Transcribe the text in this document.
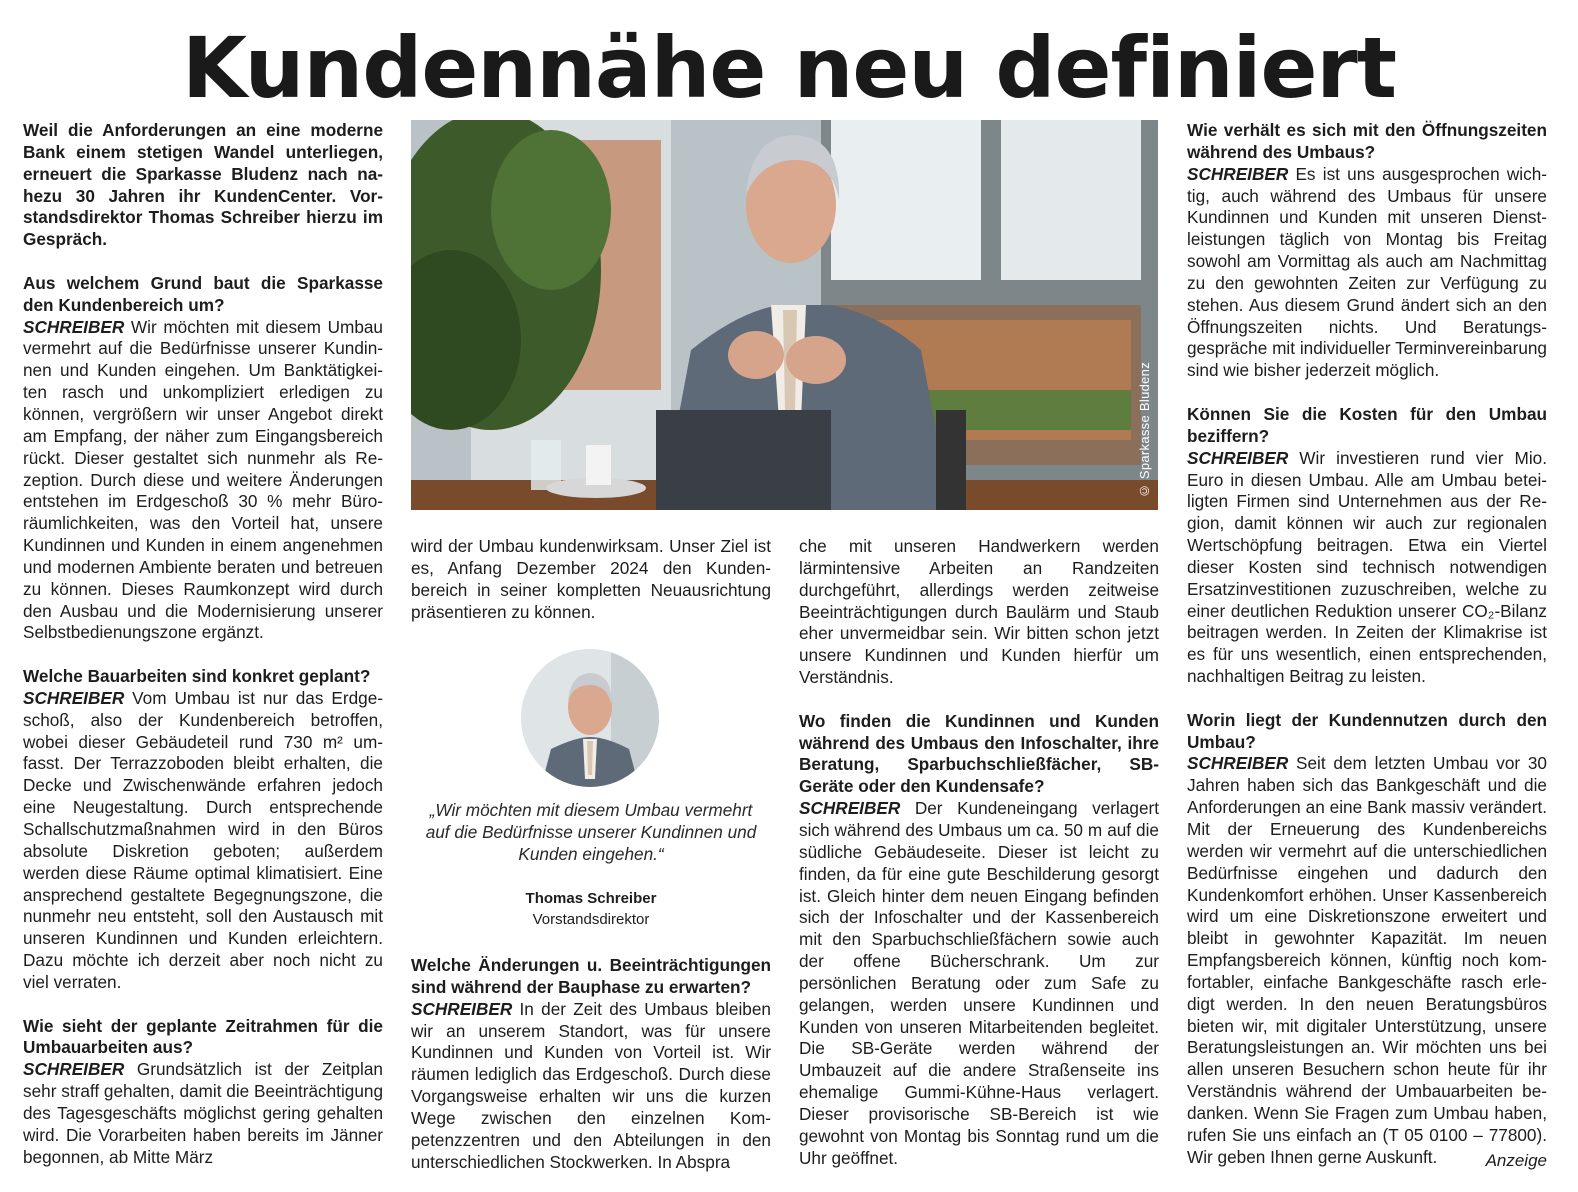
Kundennähe neu definiert

Weil die Anforderungen an eine moderne Bank einem stetigen Wandel unterliegen, erneuert die Sparkasse Bludenz nach nahezu 30 Jahren ihr KundenCenter. Vorstandsdirektor Thomas Schreiber hierzu im Gespräch.

Aus welchem Grund baut die Sparkasse den Kundenbereich um?

SCHREIBER Wir möchten mit diesem Umbau vermehrt auf die Bedürfnisse unserer Kundinnen und Kunden eingehen. Um Banktätigkeiten rasch und unkompliziert erledigen zu können, vergrößern wir unser Angebot direkt am Empfang, der näher zum Eingangsbereich rückt. Dieser gestaltet sich nunmehr als Rezeption. Durch diese und weitere Änderungen entstehen im Erdgeschoß 30 % mehr Büroräumlichkeiten, was den Vorteil hat, unsere Kundinnen und Kunden in einem angenehmen und modernen Ambiente beraten und betreuen zu können. Dieses Raumkonzept wird durch den Ausbau und die Modernisierung unserer Selbstbedienungszone ergänzt.

Welche Bauarbeiten sind konkret geplant?

SCHREIBER Vom Umbau ist nur das Erdgeschoß, also der Kundenbereich betroffen, wobei dieser Gebäudeteil rund 730 m² umfasst. Der Terrazzoboden bleibt erhalten, die Decke und Zwischenwände erfahren jedoch eine Neugestaltung. Durch entsprechende Schallschutzmaßnahmen wird in den Büros absolute Diskretion geboten; außerdem werden diese Räume optimal klimatisiert. Eine ansprechend gestaltete Begegnungszone, die nunmehr neu entsteht, soll den Austausch mit unseren Kundinnen und Kunden erleichtern. Dazu möchte ich derzeit aber noch nicht zu viel verraten.

Wie sieht der geplante Zeitrahmen für die Umbauarbeiten aus?

SCHREIBER Grundsätzlich ist der Zeitplan sehr straff gehalten, damit die Beeinträchtigung des Tagesgeschäfts möglichst gering gehalten wird. Die Vorarbeiten haben bereits im Jänner begonnen, ab Mitte März

© Sparkasse Bludenz

wird der Umbau kundenwirksam. Unser Ziel ist es, Anfang Dezember 2024 den Kundenbereich in seiner kompletten Neuausrichtung präsentieren zu können.

„Wir möchten mit diesem Umbau vermehrt auf die Bedürfnisse unserer Kundinnen und Kunden eingehen.“

Thomas Schreiber
Vorstandsdirektor

Welche Änderungen u. Beeinträchtigungen sind während der Bauphase zu erwarten?

SCHREIBER In der Zeit des Umbaus bleiben wir an unserem Standort, was für unsere Kundinnen und Kunden von Vorteil ist. Wir räumen lediglich das Erdgeschoß. Durch diese Vorgangsweise erhalten wir uns die kurzen Wege zwischen den einzelnen Kompetenzzentren und den Abteilungen in den unterschiedlichen Stockwerken. In Abspra

che mit unseren Handwerkern werden lärmintensive Arbeiten an Randzeiten durchgeführt, allerdings werden zeitweise Beeinträchtigungen durch Baulärm und Staub eher unvermeidbar sein. Wir bitten schon jetzt unsere Kundinnen und Kunden hierfür um Verständnis.

Wo finden die Kundinnen und Kunden während des Umbaus den Infoschalter, ihre Beratung, Sparbuchschließfächer, SB-Geräte oder den Kundensafe?

SCHREIBER Der Kundeneingang verlagert sich während des Umbaus um ca. 50 m auf die südliche Gebäudeseite. Dieser ist leicht zu finden, da für eine gute Beschilderung gesorgt ist. Gleich hinter dem neuen Eingang befinden sich der Infoschalter und der Kassenbereich mit den Sparbuchschließfächern sowie auch der offene Bücherschrank. Um zur persönlichen Beratung oder zum Safe zu gelangen, werden unsere Kundinnen und Kunden von unseren Mitarbeitenden begleitet. Die SB-Geräte werden während der Umbauzeit auf die andere Straßenseite ins ehemalige Gummi-Kühne-Haus verlagert. Dieser provisorische SB-Bereich ist wie gewohnt von Montag bis Sonntag rund um die Uhr geöffnet.

Wie verhält es sich mit den Öffnungszeiten während des Umbaus?

SCHREIBER Es ist uns ausgesprochen wichtig, auch während des Umbaus für unsere Kundinnen und Kunden mit unseren Dienstleistungen täglich von Montag bis Freitag sowohl am Vormittag als auch am Nachmittag zu den gewohnten Zeiten zur Verfügung zu stehen. Aus diesem Grund ändert sich an den Öffnungszeiten nichts. Und Beratungsgespräche mit individueller Terminvereinbarung sind wie bisher jederzeit möglich.

Können Sie die Kosten für den Umbau beziffern?

SCHREIBER Wir investieren rund vier Mio. Euro in diesen Umbau. Alle am Umbau beteiligten Firmen sind Unternehmen aus der Region, damit können wir auch zur regionalen Wertschöpfung beitragen. Etwa ein Viertel dieser Kosten sind technisch notwendigen Ersatzinvestitionen zuzuschreiben, welche zu einer deutlichen Reduktion unserer CO₂-Bilanz beitragen werden. In Zeiten der Klimakrise ist es für uns wesentlich, einen entsprechenden, nachhaltigen Beitrag zu leisten.

Worin liegt der Kundennutzen durch den Umbau?

SCHREIBER Seit dem letzten Umbau vor 30 Jahren haben sich das Bankgeschäft und die Anforderungen an eine Bank massiv verändert. Mit der Erneuerung des Kundenbereichs werden wir vermehrt auf die unterschiedlichen Bedürfnisse eingehen und dadurch den Kundenkomfort erhöhen. Unser Kassenbereich wird um eine Diskretionszone erweitert und bleibt in gewohnter Kapazität. Im neuen Empfangsbereich können, künftig noch komfortabler, einfache Bankgeschäfte rasch erledigt werden. In den neuen Beratungsbüros bieten wir, mit digitaler Unterstützung, unsere Beratungsleistungen an. Wir möchten uns bei allen unseren Besuchern schon heute für ihr Verständnis während der Umbauarbeiten bedanken. Wenn Sie Fragen zum Umbau haben, rufen Sie uns einfach an (T 05 0100 – 77800). Wir geben Ihnen gerne Auskunft.	Anzeige
